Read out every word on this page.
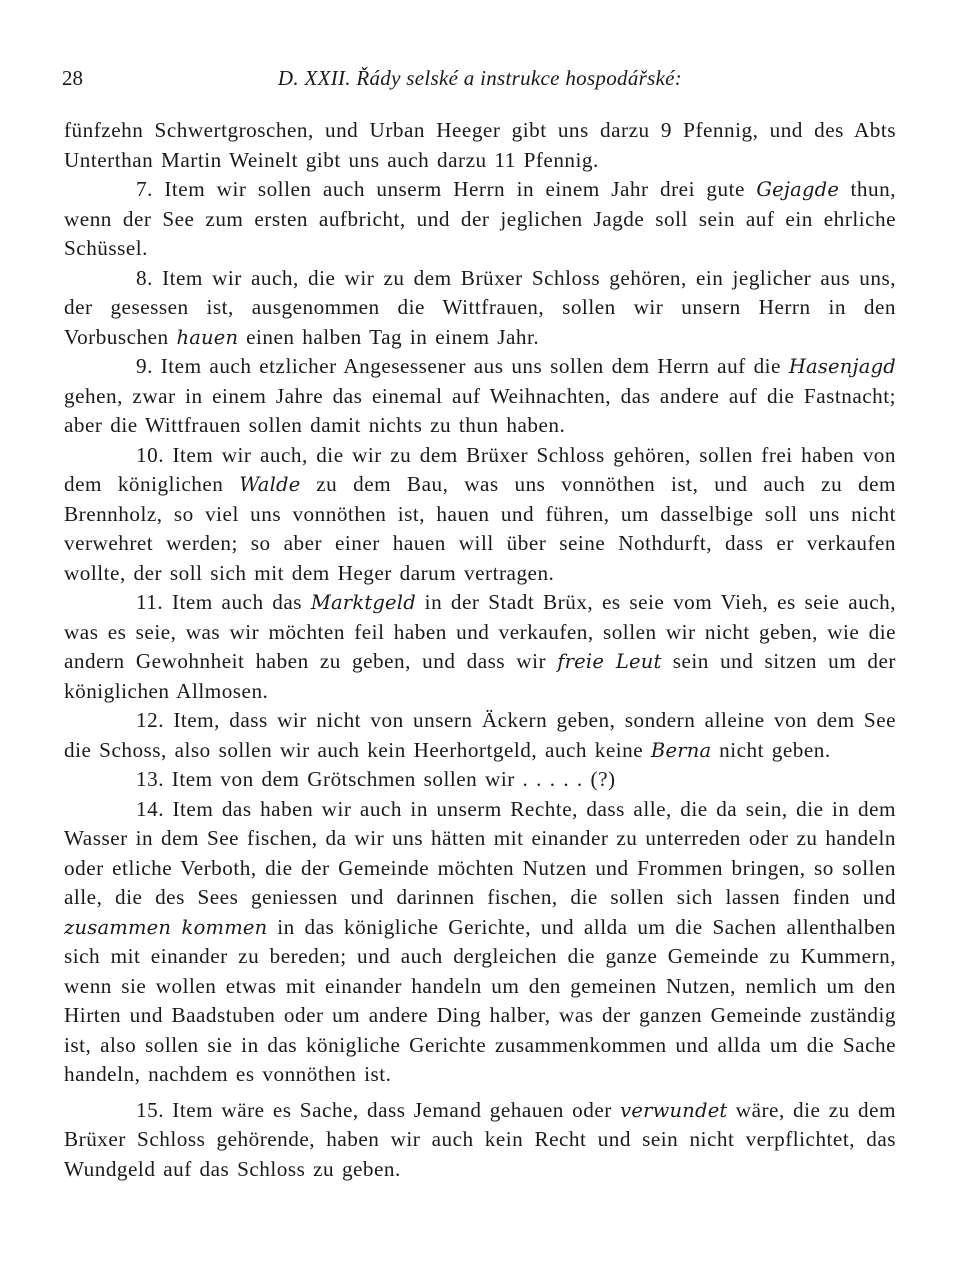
28	D. XXII. Řády selské a instrukce hospodářské:

fünfzehn Schwertgroschen, und Urban Heeger gibt uns darzu 9 Pfennig, und des Abts Unterthan Martin Weinelt gibt uns auch darzu 11 Pfennig.

7. Item wir sollen auch unserm Herrn in einem Jahr drei gute Gejagde thun, wenn der See zum ersten aufbricht, und der jeglichen Jagde soll sein auf ein ehrliche Schüssel.

8. Item wir auch, die wir zu dem Brüxer Schloss gehören, ein jeglicher aus uns, der gesessen ist, ausgenommen die Wittfrauen, sollen wir unsern Herrn in den Vorbuschen hauen einen halben Tag in einem Jahr.

9. Item auch etzlicher Angesessener aus uns sollen dem Herrn auf die Hasenjagd gehen, zwar in einem Jahre das einemal auf Weihnachten, das andere auf die Fastnacht; aber die Wittfrauen sollen damit nichts zu thun haben.

10. Item wir auch, die wir zu dem Brüxer Schloss gehören, sollen frei haben von dem königlichen Walde zu dem Bau, was uns vonnöthen ist, und auch zu dem Brennholz, so viel uns vonnöthen ist, hauen und führen, um dasselbige soll uns nicht verwehret werden; so aber einer hauen will über seine Nothdurft, dass er verkaufen wollte, der soll sich mit dem Heger darum vertragen.

11. Item auch das Marktgeld in der Stadt Brüx, es seie vom Vieh, es seie auch, was es seie, was wir möchten feil haben und verkaufen, sollen wir nicht geben, wie die andern Gewohnheit haben zu geben, und dass wir freie Leut sein und sitzen um der königlichen Allmosen.

12. Item, dass wir nicht von unsern Äckern geben, sondern alleine von dem See die Schoss, also sollen wir auch kein Heerhortgeld, auch keine Berna nicht geben.

13. Item von dem Grötschmen sollen wir . . . . . (?)

14. Item das haben wir auch in unserm Rechte, dass alle, die da sein, die in dem Wasser in dem See fischen, da wir uns hätten mit einander zu unterreden oder zu handeln oder etliche Verboth, die der Gemeinde möchten Nutzen und Frommen bringen, so sollen alle, die des Sees geniessen und darinnen fischen, die sollen sich lassen finden und zusammen kommen in das königliche Gerichte, und allda um die Sachen allenthalben sich mit einander zu bereden; und auch dergleichen die ganze Gemeinde zu Kummern, wenn sie wollen etwas mit einander handeln um den gemeinen Nutzen, nemlich um den Hirten und Baadstuben oder um andere Ding halber, was der ganzen Gemeinde zuständig ist, also sollen sie in das königliche Gerichte zusammenkommen und allda um die Sache handeln, nachdem es vonnöthen ist.

15. Item wäre es Sache, dass Jemand gehauen oder verwundet wäre, die zu dem Brüxer Schloss gehörende, haben wir auch kein Recht und sein nicht verpflichtet, das Wundgeld auf das Schloss zu geben.
